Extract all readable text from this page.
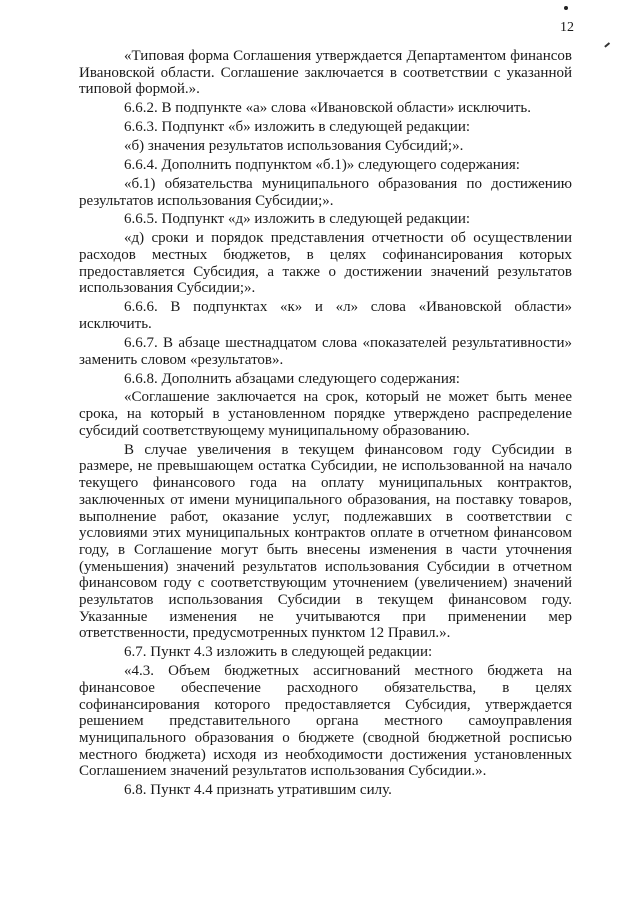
12

«Типовая форма Соглашения утверждается Департаментом финансов Ивановской области. Соглашение заключается в соответствии с указанной типовой формой.».

6.6.2. В подпункте «а» слова «Ивановской области» исключить.

6.6.3. Подпункт «б» изложить в следующей редакции:

«б) значения результатов использования Субсидий;».

6.6.4. Дополнить подпунктом «б.1)» следующего содержания:

«б.1) обязательства муниципального образования по достижению результатов использования Субсидии;».

6.6.5. Подпункт «д» изложить в следующей редакции:

«д) сроки и порядок представления отчетности об осуществлении расходов местных бюджетов, в целях софинансирования которых предоставляется Субсидия, а также о достижении значений результатов использования Субсидии;».

6.6.6. В подпунктах «к» и «л» слова «Ивановской области» исключить.

6.6.7. В абзаце шестнадцатом слова «показателей результативности» заменить словом «результатов».

6.6.8. Дополнить абзацами следующего содержания:

«Соглашение заключается на срок, который не может быть менее срока, на который в установленном порядке утверждено распределение субсидий соответствующему муниципальному образованию.

В случае увеличения в текущем финансовом году Субсидии в размере, не превышающем остатка Субсидии, не использованной на начало текущего финансового года на оплату муниципальных контрактов, заключенных от имени муниципального образования, на поставку товаров, выполнение работ, оказание услуг, подлежавших в соответствии с условиями этих муниципальных контрактов оплате в отчетном финансовом году, в Соглашение могут быть внесены изменения в части уточнения (уменьшения) значений результатов использования Субсидии в отчетном финансовом году с соответствующим уточнением (увеличением) значений результатов использования Субсидии в текущем финансовом году. Указанные изменения не учитываются при применении мер ответственности, предусмотренных пунктом 12 Правил.».

6.7. Пункт 4.3 изложить в следующей редакции:

«4.3. Объем бюджетных ассигнований местного бюджета на финансовое обеспечение расходного обязательства, в целях софинансирования которого предоставляется Субсидия, утверждается решением представительного органа местного самоуправления муниципального образования о бюджете (сводной бюджетной росписью местного бюджета) исходя из необходимости достижения установленных Соглашением значений результатов использования Субсидии.».

6.8. Пункт 4.4 признать утратившим силу.
